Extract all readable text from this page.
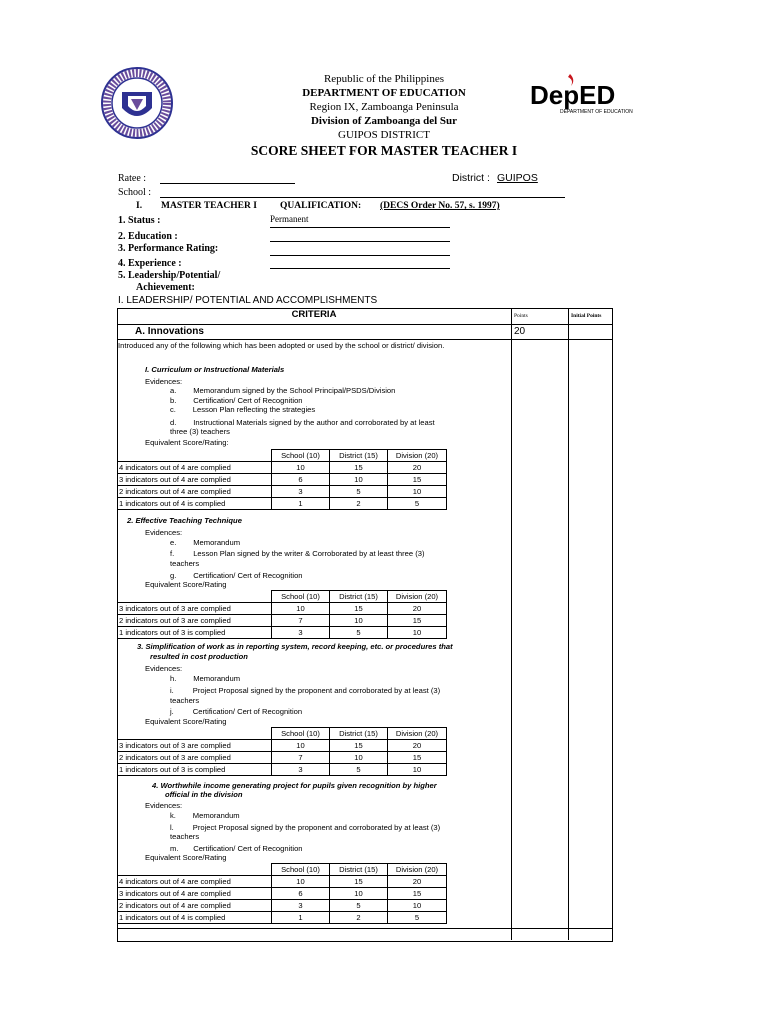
DepED
DEPARTMENT OF EDUCATION
Republic of the Philippines
DEPARTMENT OF EDUCATION
Region IX, Zamboanga Peninsula
Division of Zamboanga del Sur
GUIPOS DISTRICT
SCORE SHEET FOR MASTER TEACHER I
Ratee :	District : GUIPOS
School :
I. MASTER TEACHER I QUALIFICATION: (DECS Order No. 57, s. 1997)
1. Status :	Permanent
2. Education :
3. Performance Rating:
4. Experience :
5. Leadership/Potential/
Achievement:
I. LEADERSHIP/ POTENTIAL AND ACCOMPLISHMENTS
CRITERIA	Points	Initial Points
A. Innovations	20
Introduced any of the following which has been adopted or used by the school or district/ division.
I. Curriculum or Instructional Materials
Evidences:
a.        Memorandum signed by the School Principal/PSDS/Division
b.        Certification/ Cert of Recognition
c.        Lesson Plan reflecting the strategies
d.        Instructional Materials signed by the author and corroborated by at least
three (3) teachers
Equivalent Score/Rating:
	School (10)	District (15)	Division (20)
4 indicators out of 4 are complied	10	15	20
3 indicators out of 4 are complied	6	10	15
2 indicators out of 4 are complied	3	5	10
1 indicators out of 4 is complied	1	2	5
2. Effective Teaching Technique
Evidences:
e.        Memorandum
f.         Lesson Plan signed by the writer & Corroborated by at least three (3)
teachers
g.        Certification/ Cert of Recognition
Equivalent Score/Rating
	School (10)	District (15)	Division (20)
3 indicators out of 3 are complied	10	15	20
2 indicators out of 3 are complied	7	10	15
1 indicators out of 3 is complied	3	5	10
3. Simplification of work as in reporting system, record keeping, etc. or procedures that
resulted in cost production
Evidences:
h.        Memorandum
i.         Project Proposal signed by the proponent and corroborated by at least (3)
teachers
j.         Certification/ Cert of Recognition
Equivalent Score/Rating
	School (10)	District (15)	Division (20)
3 indicators out of 3 are complied	10	15	20
2 indicators out of 3 are complied	7	10	15
1 indicators out of 3 is complied	3	5	10
4. Worthwhile income generating project for pupils given recognition by higher
official in the division
Evidences:
k.        Memorandum
l.         Project Proposal signed by the proponent and corroborated by at least (3)
teachers
m.       Certification/ Cert of Recognition
Equivalent Score/Rating
	School (10)	District (15)	Division (20)
4 indicators out of 4 are complied	10	15	20
3 indicators out of 4 are complied	6	10	15
2 indicators out of 4 are complied	3	5	10
1 indicators out of 4 is complied	1	2	5
